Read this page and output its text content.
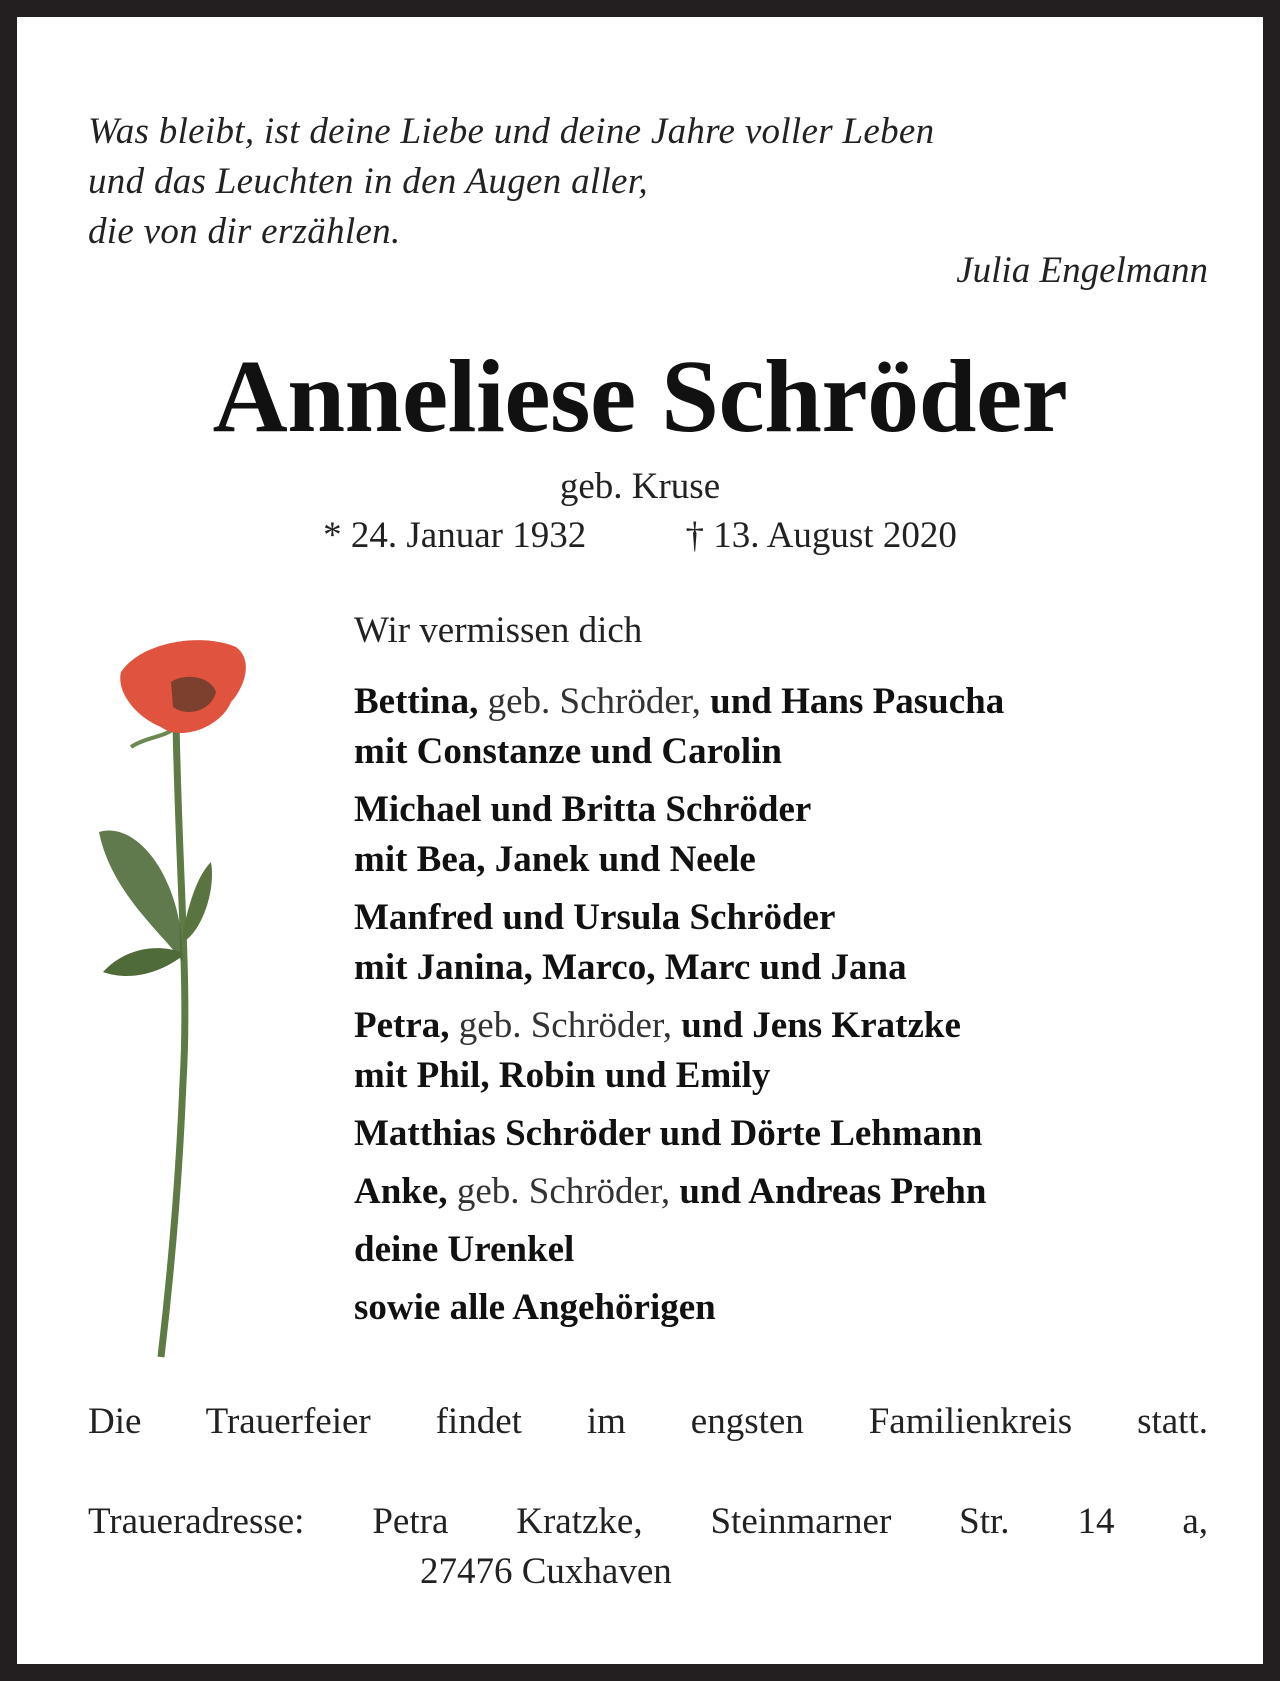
Was bleibt, ist deine Liebe und deine Jahre voller Leben
und das Leuchten in den Augen aller,
die von dir erzählen.
Julia Engelmann
Anneliese Schröder
geb. Kruse
* 24. Januar 1932	† 13. August 2020
Wir vermissen dich
Bettina, geb. Schröder, und Hans Pasucha
mit Constanze und Carolin
Michael und Britta Schröder
mit Bea, Janek und Neele
Manfred und Ursula Schröder
mit Janina, Marco, Marc und Jana
Petra, geb. Schröder, und Jens Kratzke
mit Phil, Robin und Emily
Matthias Schröder und Dörte Lehmann
Anke, geb. Schröder, und Andreas Prehn
deine Urenkel
sowie alle Angehörigen
Die Trauerfeier findet im engsten Familienkreis statt.
Traueradresse: Petra Kratzke, Steinmarner Str. 14 a,
27476 Cuxhaven
